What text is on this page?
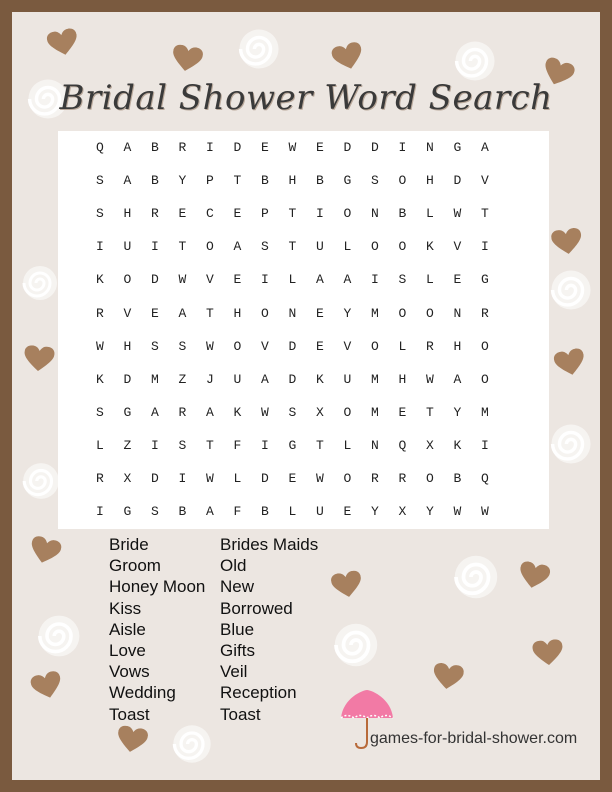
Bridal Shower Word Search
Q	A	B	R	I	D	E	W	E	D	D	I	N	G	A
S	A	B	Y	P	T	B	H	B	G	S	O	H	D	V
S	H	R	E	C	E	P	T	I	O	N	B	L	W	T
I	U	I	T	O	A	S	T	U	L	O	O	K	V	I
K	O	D	W	V	E	I	L	A	A	I	S	L	E	G
R	V	E	A	T	H	O	N	E	Y	M	O	O	N	R
W	H	S	S	W	O	V	D	E	V	O	L	R	H	O
K	D	M	Z	J	U	A	D	K	U	M	H	W	A	O
S	G	A	R	A	K	W	S	X	O	M	E	T	Y	M
L	Z	I	S	T	F	I	G	T	L	N	Q	X	K	I
R	X	D	I	W	L	D	E	W	O	R	R	O	B	Q
I	G	S	B	A	F	B	L	U	E	Y	X	Y	W	W
Bride
Groom
Honey Moon
Kiss
Aisle
Love
Vows
Wedding
Toast
Brides Maids
Old
New
Borrowed
Blue
Gifts
Veil
Reception
Toast
games-for-bridal-shower.com
